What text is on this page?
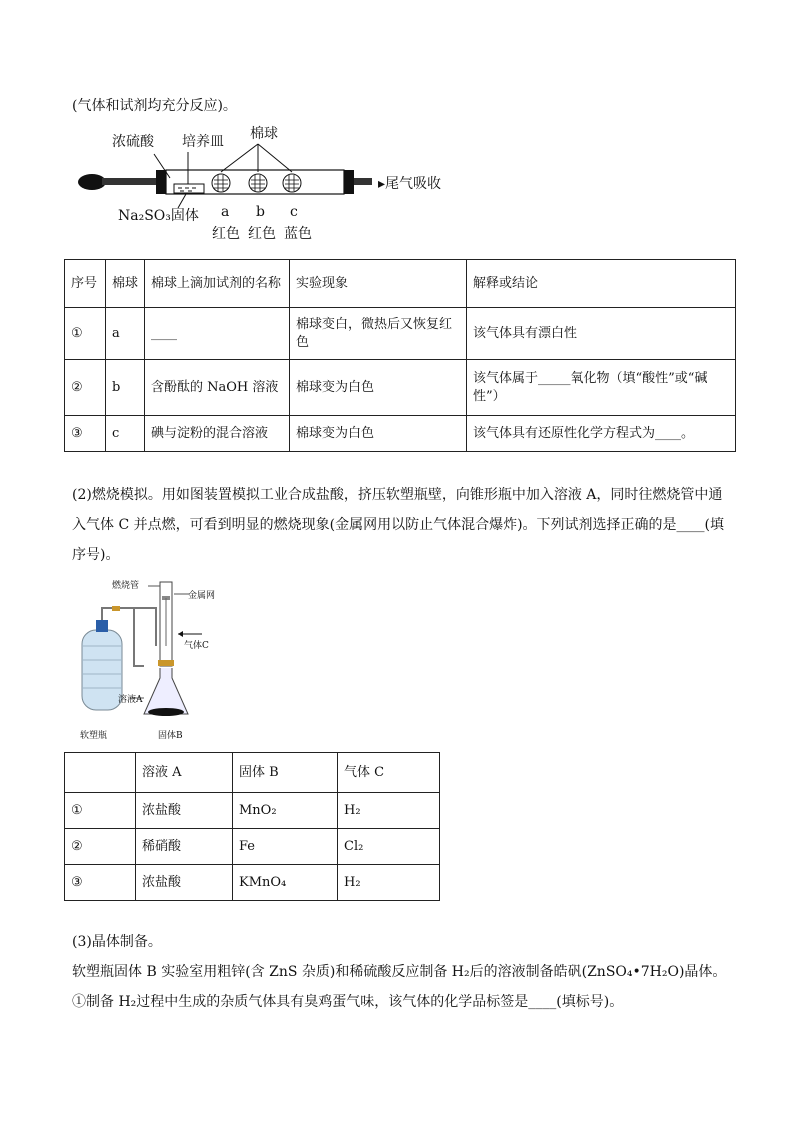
(气体和试剂均充分反应)。
浓硫酸 培养皿 棉球
Na₂SO₃固体
▸尾气吸收
a b c
红色 红色 蓝色
序号	棉球	棉球上滴加试剂的名称	实验现象	解释或结论
①	a	____	棉球变白，微热后又恢复红色	该气体具有漂白性
②	b	含酚酞的 NaOH 溶液	棉球变为白色	该气体属于_____氧化物（填“酸性”或“碱性”）
③	c	碘与淀粉的混合溶液	棉球变为白色	该气体具有还原性化学方程式为____。
(2)燃烧模拟。用如图装置模拟工业合成盐酸，挤压软塑瓶壁，向锥形瓶中加入溶液 A，同时往燃烧管中通入气体 C 并点燃，可看到明显的燃烧现象(金属网用以防止气体混合爆炸)。下列试剂选择正确的是____(填序号)。
燃烧管
金属网
气体C
溶液A
软塑瓶	固体B
	溶液 A	固体 B	气体 C
①	浓盐酸	MnO₂	H₂
②	稀硝酸	Fe	Cl₂
③	浓盐酸	KMnO₄	H₂
(3)晶体制备。
软塑瓶固体 B 实验室用粗锌(含 ZnS 杂质)和稀硫酸反应制备 H₂后的溶液制备皓矾(ZnSO₄•7H₂O)晶体。
①制备 H₂过程中生成的杂质气体具有臭鸡蛋气味，该气体的化学品标签是____(填标号)。
